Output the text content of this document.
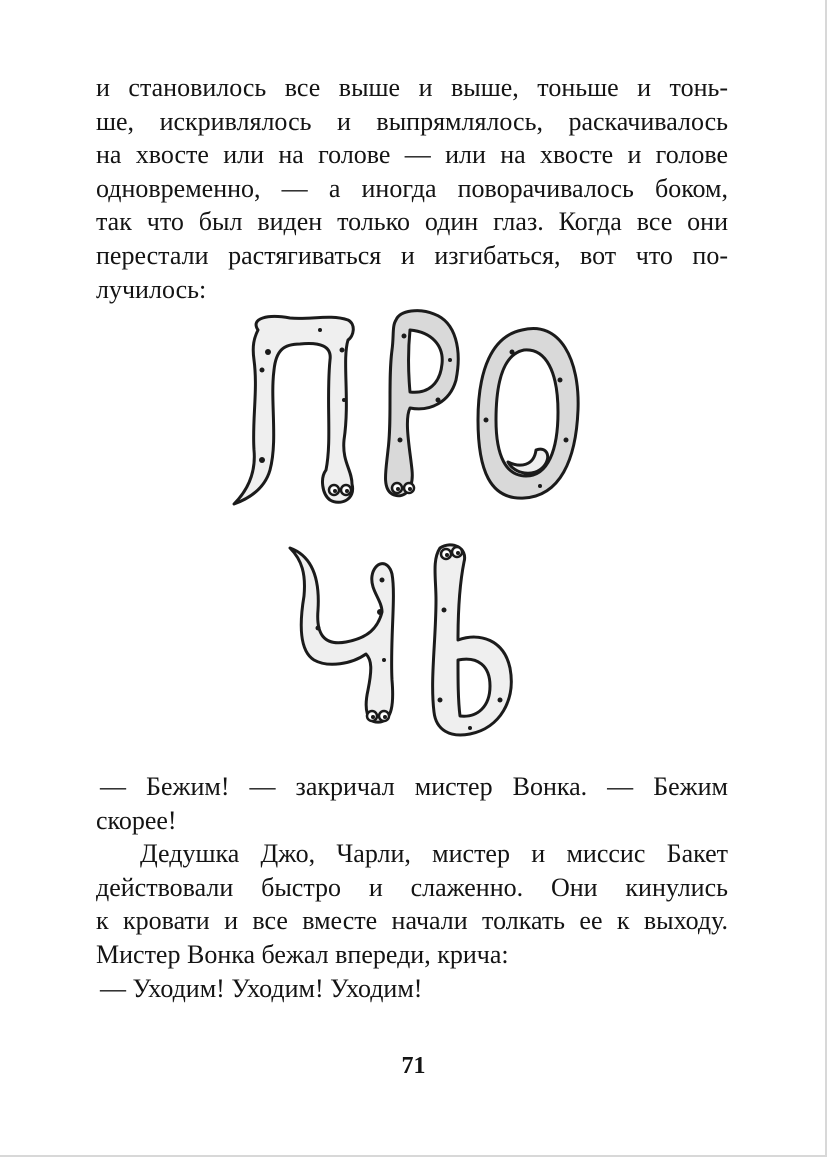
и становилось все выше и выше, тоньше и тонь-
ше, искривлялось и выпрямлялось, раскачивалось
на хвосте или на голове — или на хвосте и голове
одновременно, — а иногда поворачивалось боком,
так что был виден только один глаз. Когда все они
перестали растягиваться и изгибаться, вот что по-
лучилось:
— Бежим! — закричал мистер Вонка. — Бежим
скорее!
Дедушка Джо, Чарли, мистер и миссис Бакет
действовали быстро и слаженно. Они кинулись
к кровати и все вместе начали толкать ее к выходу.
Мистер Вонка бежал впереди, крича:
— Уходим! Уходим! Уходим!
71
